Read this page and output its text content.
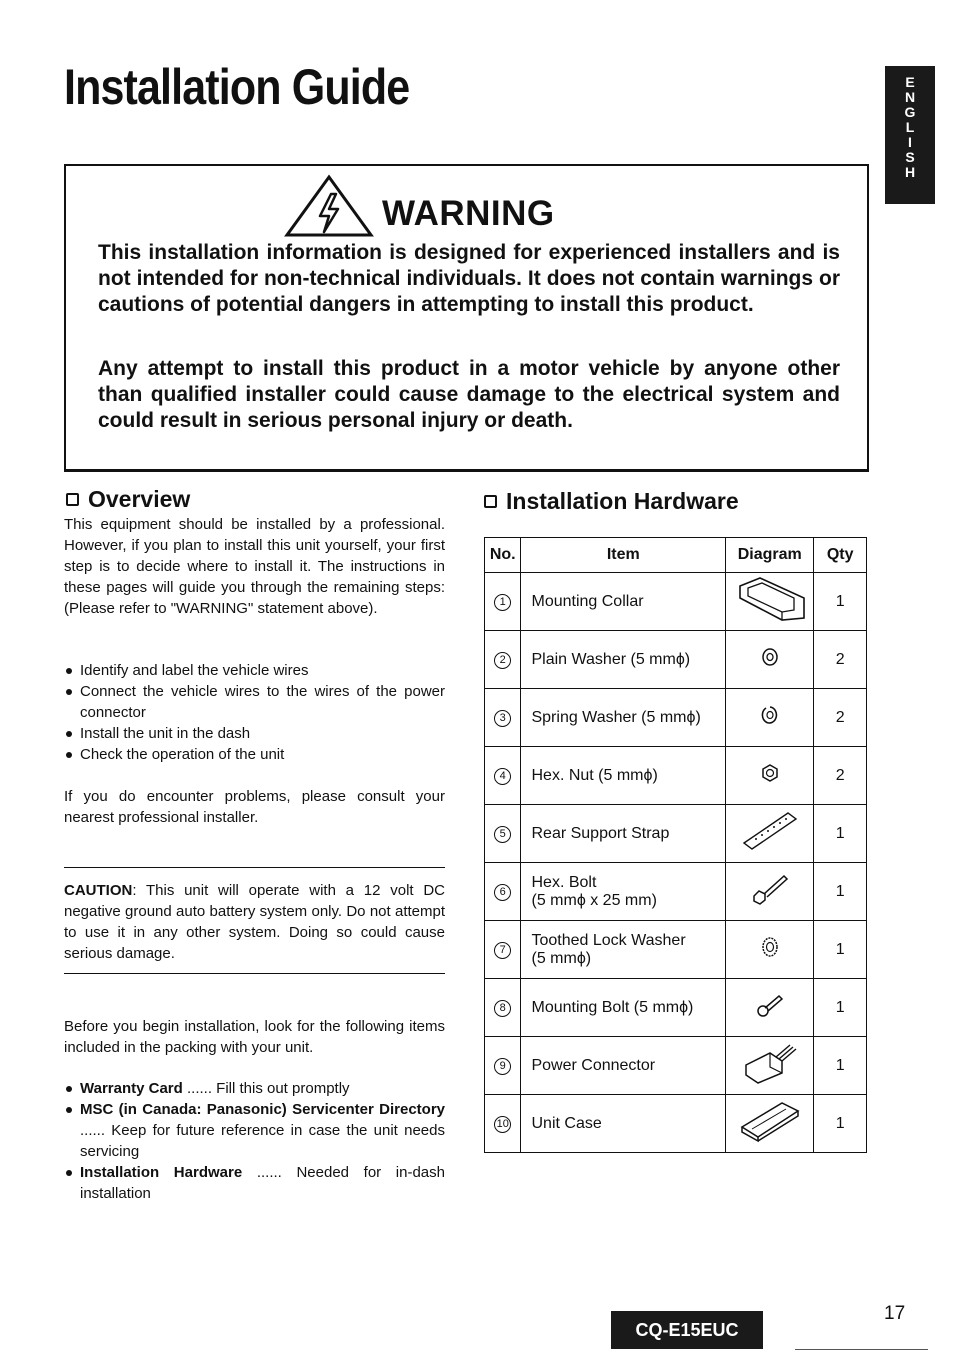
Installation Guide	E
N
G
L
I
S
H
WARNING

This installation information is designed for experienced installers and is not intended for non-technical individuals. It does not contain warnings or cautions of potential dangers in attempting to install this product.

Any attempt to install this product in a motor vehicle by anyone other than qualified installer could cause damage to the electrical system and could result in serious personal injury or death.

Overview

This equipment should be installed by a professional. However, if you plan to install this unit yourself, your first step is to decide where to install it. The instructions in these pages will guide you through the remaining steps: (Please refer to "WARNING" statement above).

Identify and label the vehicle wires
Connect the vehicle wires to the wires of the power connector
Install the unit in the dash
Check the operation of the unit

If you do encounter problems, please consult your nearest professional installer.

CAUTION: This unit will operate with a 12 volt DC negative ground auto battery system only. Do not attempt to use it in any other system. Doing so could cause serious damage.

Before you begin installation, look for the following items included in the packing with your unit.

Warranty Card ...... Fill this out promptly
MSC (in Canada: Panasonic) Servicenter Directory ...... Keep for future reference in case the unit needs servicing
Installation Hardware ...... Needed for in-dash installation
Installation Hardware
No.	Item	Diagram	Qty
1	Mounting Collar		1
2	Plain Washer (5 mmϕ)		2
3	Spring Washer (5 mmϕ)		2
4	Hex. Nut (5 mmϕ)		2
5	Rear Support Strap		1
6	Hex. Bolt
(5 mmϕ x 25 mm)		1
7	Toothed Lock Washer
(5 mmϕ)		1
8	Mounting Bolt (5 mmϕ)		1
9	Power Connector		1
10	Unit Case		1
CQ-E15EUC
17
